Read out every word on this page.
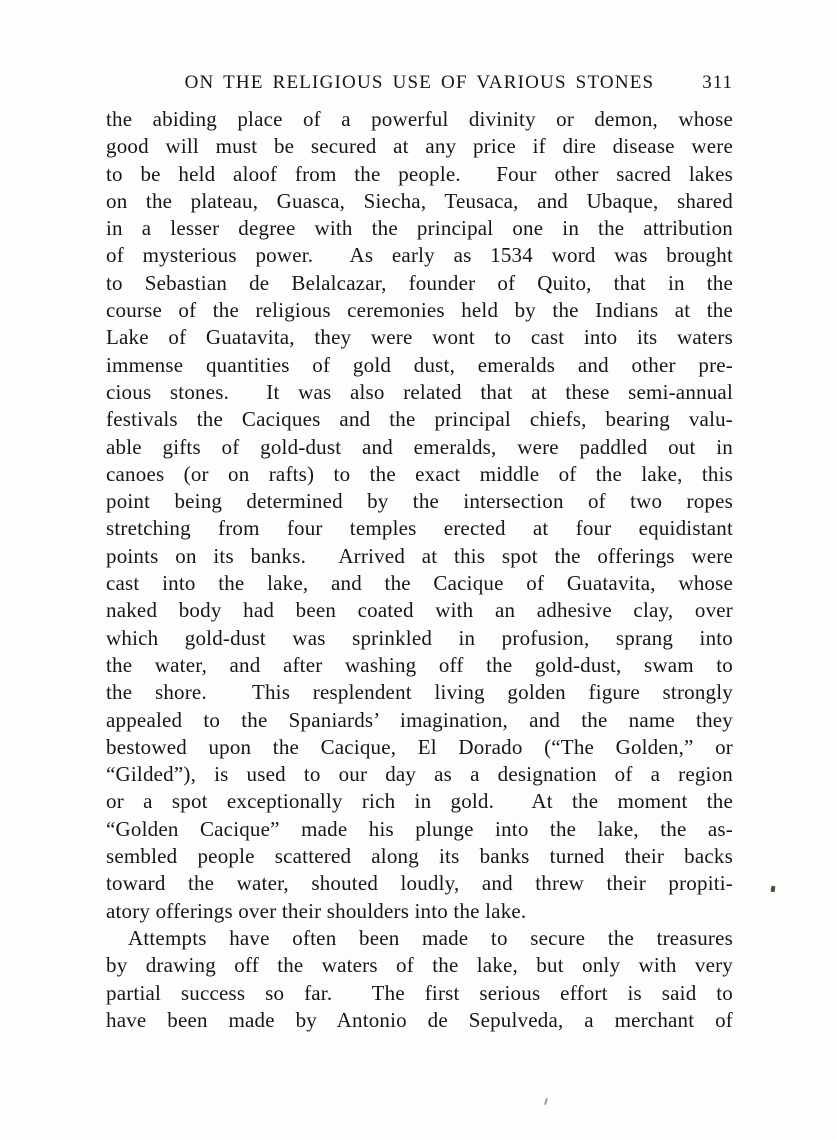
ON THE RELIGIOUS USE OF VARIOUS STONES	311
the abiding place of a powerful divinity or demon, whose
good will must be secured at any price if dire disease were
to be held aloof from the people.  Four other sacred lakes
on the plateau, Guasca, Siecha, Teusaca, and Ubaque, shared
in a lesser degree with the principal one in the attribution
of mysterious power.  As early as 1534 word was brought
to Sebastian de Belalcazar, founder of Quito, that in the
course of the religious ceremonies held by the Indians at the
Lake of Guatavita, they were wont to cast into its waters
immense quantities of gold dust, emeralds and other pre-
cious stones.  It was also related that at these semi-annual
festivals the Caciques and the principal chiefs, bearing valu-
able gifts of gold-dust and emeralds, were paddled out in
canoes (or on rafts) to the exact middle of the lake, this
point being determined by the intersection of two ropes
stretching from four temples erected at four equidistant
points on its banks.  Arrived at this spot the offerings were
cast into the lake, and the Cacique of Guatavita, whose
naked body had been coated with an adhesive clay, over
which gold-dust was sprinkled in profusion, sprang into
the water, and after washing off the gold-dust, swam to
the shore.  This resplendent living golden figure strongly
appealed to the Spaniards’ imagination, and the name they
bestowed upon the Cacique, El Dorado (“The Golden,” or
“Gilded”), is used to our day as a designation of a region
or a spot exceptionally rich in gold.  At the moment the
“Golden Cacique” made his plunge into the lake, the as-
sembled people scattered along its banks turned their backs
toward the water, shouted loudly, and threw their propiti-
atory offerings over their shoulders into the lake.
Attempts have often been made to secure the treasures
by drawing off the waters of the lake, but only with very
partial success so far.  The first serious effort is said to
have been made by Antonio de Sepulveda, a merchant of
